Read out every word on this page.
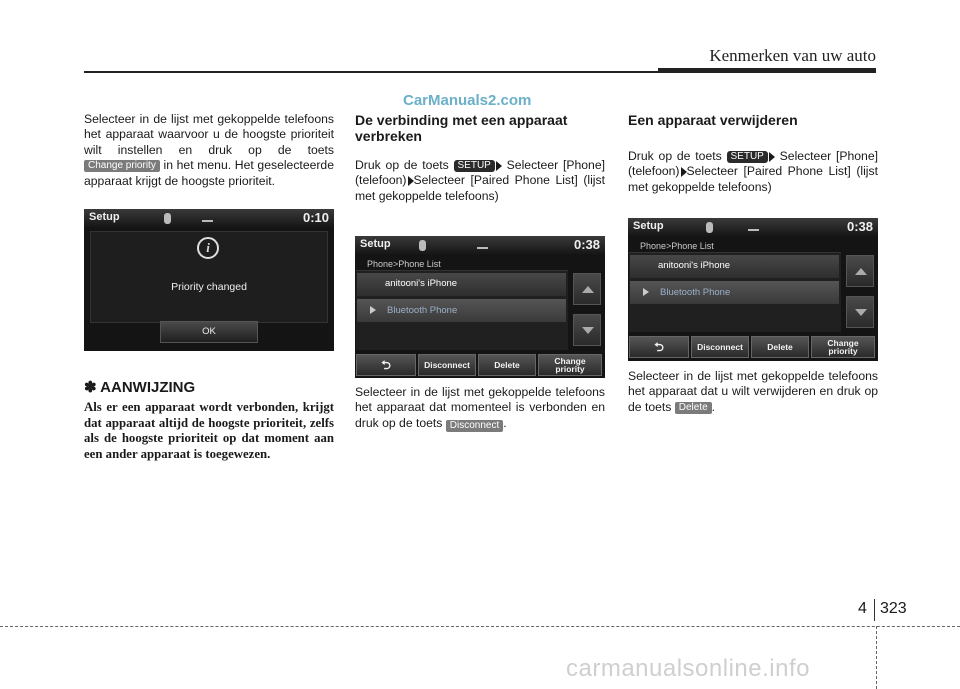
Kenmerken van uw auto
CarManuals2.com

Selecteer in de lijst met gekoppelde telefoons het apparaat waarvoor u de hoogste prioriteit wilt instellen en druk op de toets Change priority in het menu. Het geselecteerde apparaat krijgt de hoogste prioriteit.

Setup	0:10
i
Priority changed
OK
✽ AANWIJZING

Als er een apparaat wordt verbonden, krijgt dat apparaat altijd de hoogste prioriteit, zelfs als de hoogste prioriteit op dat moment aan een ander apparaat is toegewezen.

De verbinding met een apparaat verbreken

Druk op de toets SETUP	Selecteer [Phone] (telefoon) Selecteer [Paired Phone List] (lijst met gekoppelde telefoons)

Setup	0:38
Phone>Phone List
anitooni's iPhone
Bluetooth Phone
⮌	Disconnect	Delete	Change
priority

Selecteer in de lijst met gekoppelde telefoons het apparaat dat momenteel is verbonden en druk op de toets Disconnect .

Een apparaat verwijderen

Druk op de toets SETUP	Selecteer [Phone] (telefoon) Selecteer [Paired Phone List] (lijst met gekoppelde telefoons)

Setup	0:38
Phone>Phone List
anitooni's iPhone
Bluetooth Phone
⮌	Disconnect	Delete	Change
priority

Selecteer in de lijst met gekoppelde telefoons het apparaat dat u wilt verwijderen en druk op de toets Delete .

4 323
carmanualsonline.info
